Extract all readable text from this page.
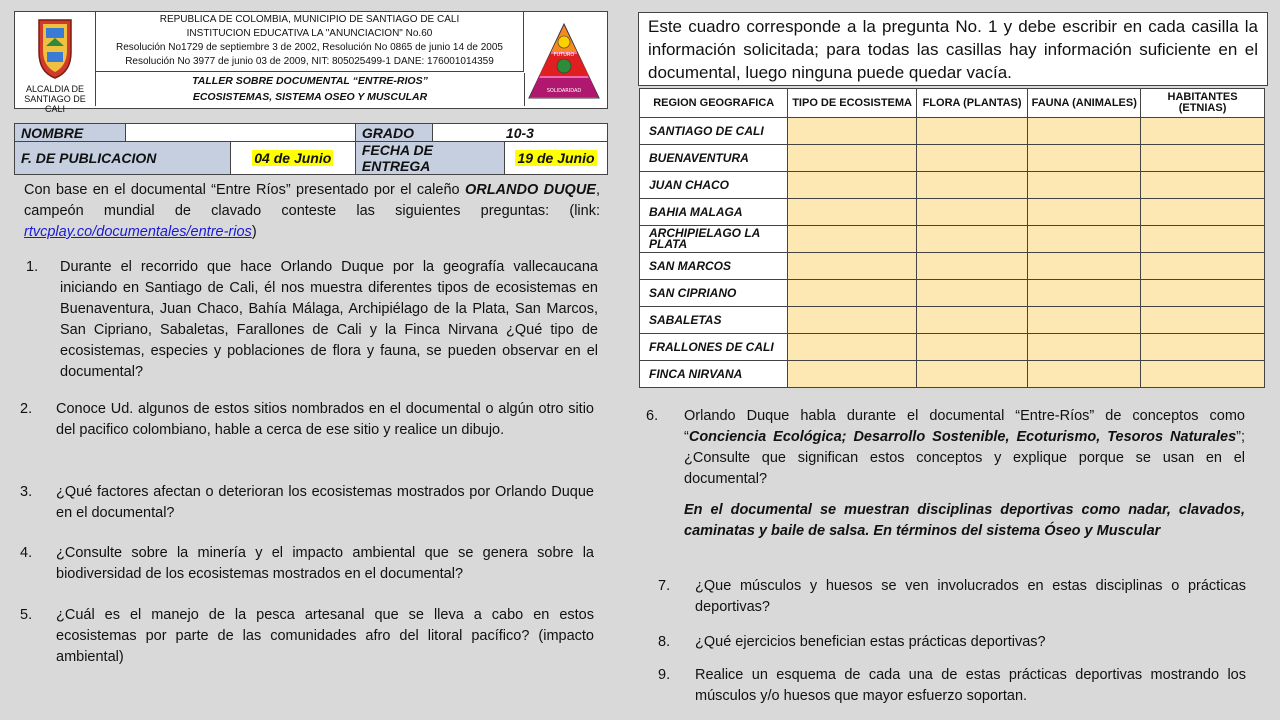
ALCALDIA DE SANTIAGO DE CALI
REPUBLICA DE COLOMBIA, MUNICIPIO DE SANTIAGO DE CALI
INSTITUCION EDUCATIVA LA "ANUNCIACION" No.60
Resolución No1729 de septiembre 3 de 2002, Resolución No 0865 de junio 14 de 2005
Resolución No 3977 de junio 03 de 2009, NIT: 805025499-1 DANE: 176001014359
TALLER SOBRE DOCUMENTAL “ENTRE-RIOS”
ECOSISTEMAS, SISTEMA OSEO Y MUSCULAR
FUTURO
SOLIDARIDAD
NOMBRE			GRADO	10-3	
F. DE PUBLICACION		04 de Junio	FECHA DE ENTREGA		19 de Junio
Con base en el documental “Entre Ríos” presentado por el caleño ORLANDO DUQUE, campeón mundial de clavado conteste las siguientes preguntas: (link: rtvcplay.co/documentales/entre-rios)
1. Durante el recorrido que hace Orlando Duque por la geografía vallecaucana iniciando en Santiago de Cali, él nos muestra diferentes tipos de ecosistemas en Buenaventura, Juan Chaco, Bahía Málaga, Archipiélago de la Plata, San Marcos, San Cipriano, Sabaletas, Farallones de Cali y la Finca Nirvana ¿Qué tipo de ecosistemas, especies y poblaciones de flora y fauna, se pueden observar en el documental?
2. Conoce Ud. algunos de estos sitios nombrados en el documental o algún otro sitio del pacifico colombiano, hable a cerca de ese sitio y realice un dibujo.
3. ¿Qué factores afectan o deterioran los ecosistemas mostrados por Orlando Duque en el documental?
4. ¿Consulte sobre la minería y el impacto ambiental que se genera sobre la biodiversidad de los ecosistemas mostrados en el documental?
5. ¿Cuál es el manejo de la pesca artesanal que se lleva a cabo en estos ecosistemas por parte de las comunidades afro del litoral pacífico? (impacto ambiental)
Este cuadro corresponde a la pregunta No. 1 y debe escribir en cada casilla la información solicitada; para todas las casillas hay información suficiente en el documental, luego ninguna puede quedar vacía.
REGION GEOGRAFICA	TIPO DE ECOSISTEMA	FLORA (PLANTAS)	FAUNA (ANIMALES)	HABITANTES (ETNIAS)
SANTIAGO DE CALI				
BUENAVENTURA				
JUAN CHACO				
BAHIA MALAGA				
ARCHIPIELAGO LA PLATA				
SAN MARCOS				
SAN CIPRIANO				
SABALETAS				
FRALLONES DE CALI				
FINCA NIRVANA				
6. Orlando Duque habla durante el documental “Entre-Ríos” de conceptos como “Conciencia Ecológica; Desarrollo Sostenible, Ecoturismo, Tesoros Naturales”; ¿Consulte que significan estos conceptos y explique porque se usan en el documental?
En el documental se muestran disciplinas deportivas como nadar, clavados, caminatas y baile de salsa. En términos del sistema Óseo y Muscular
7. ¿Que músculos y huesos se ven involucrados en estas disciplinas o prácticas deportivas?
8. ¿Qué ejercicios benefician estas prácticas deportivas?
9. Realice un esquema de cada una de estas prácticas deportivas mostrando los músculos y/o huesos que mayor esfuerzo soportan.
